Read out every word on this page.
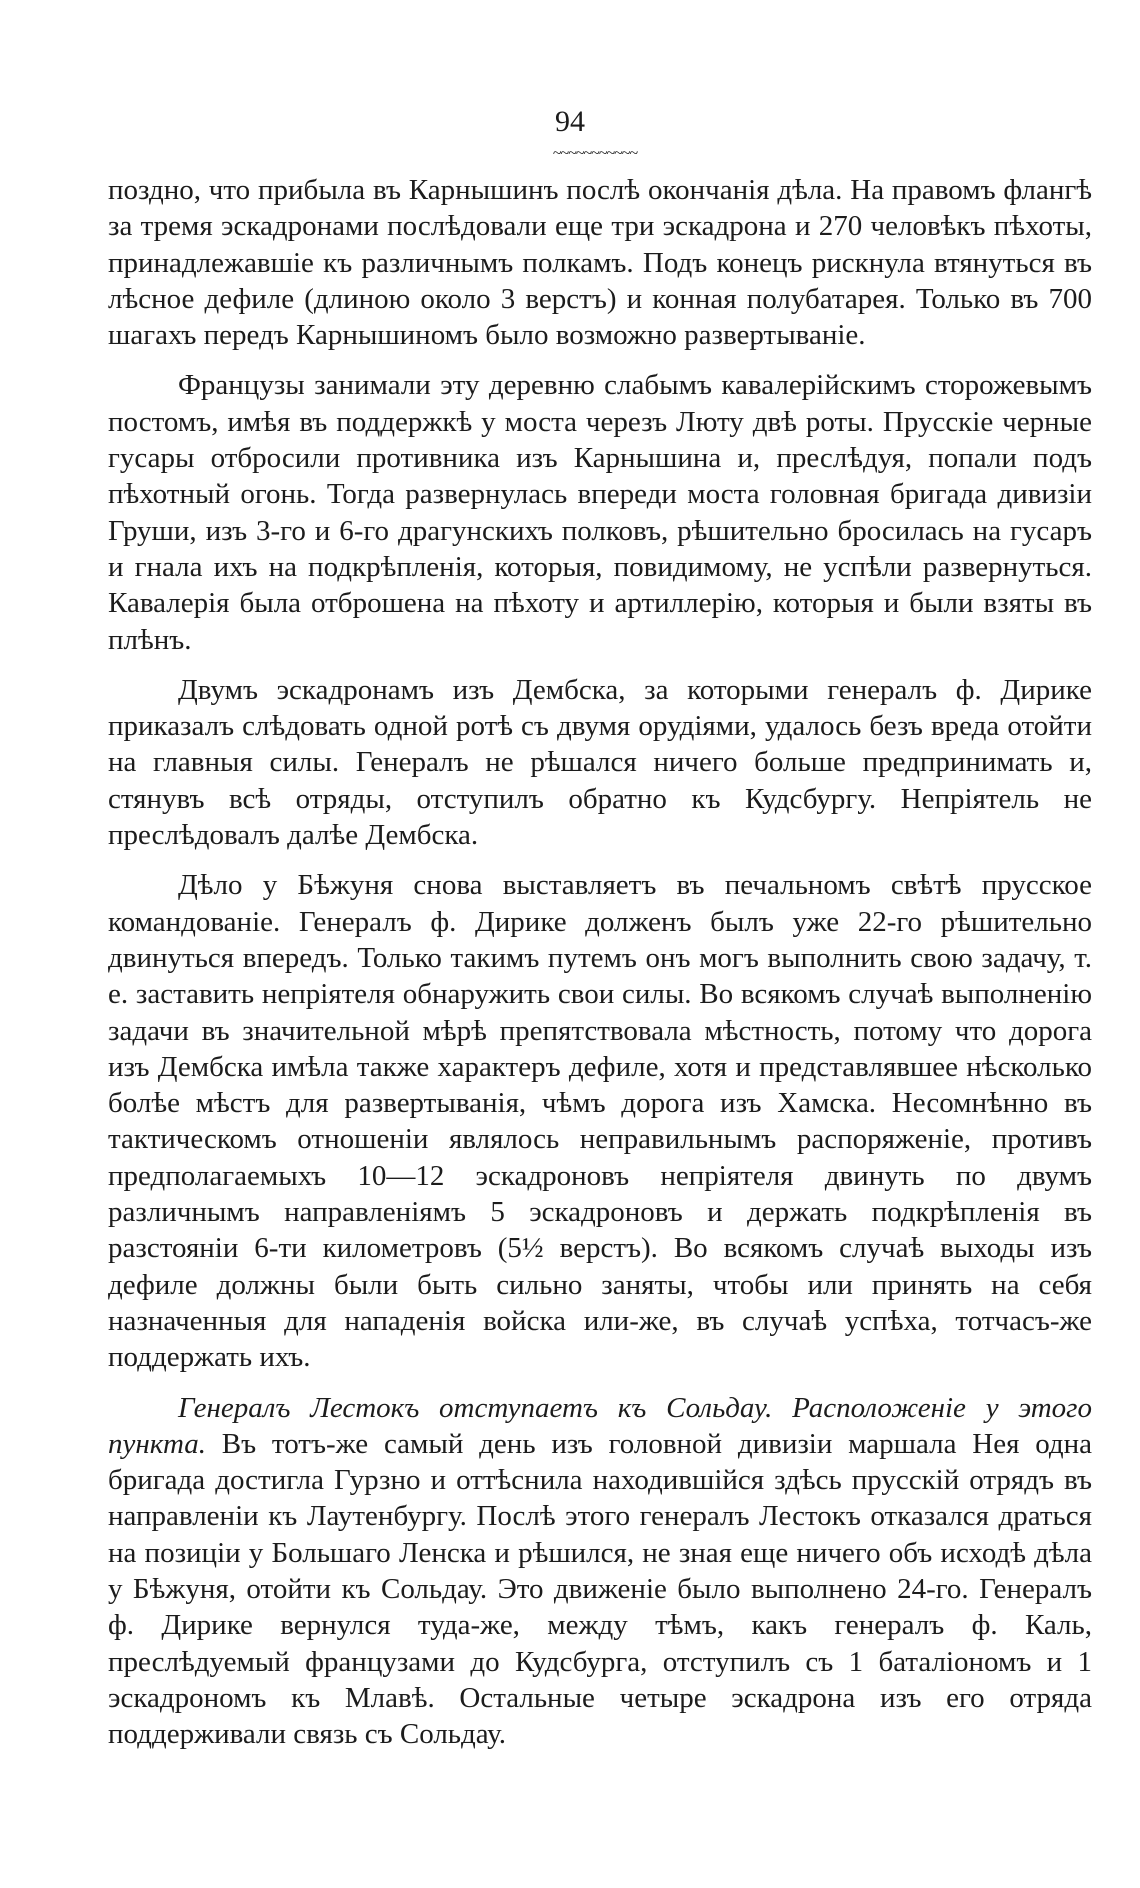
94
~~~~~~~~~~~

поздно, что прибыла въ Карнышинъ послѣ окончанія дѣла. На правомъ флангѣ за тремя эскадронами послѣдовали еще три эскадрона и 270 человѣкъ пѣхоты, принадлежавшіе къ различнымъ полкамъ. Подъ конецъ рискнула втянуться въ лѣсное дефиле (длиною около 3 верстъ) и конная полубатарея. Только въ 700 шагахъ передъ Карнышиномъ было возможно развертываніе.

Французы занимали эту деревню слабымъ кавалерійскимъ сторожевымъ постомъ, имѣя въ поддержкѣ у моста черезъ Люту двѣ роты. Прусскіе черные гусары отбросили противника изъ Карнышина и, преслѣдуя, попали подъ пѣхотный огонь. Тогда развернулась впереди моста головная бригада дивизіи Груши, изъ 3-го и 6-го драгунскихъ полковъ, рѣшительно бросилась на гусаръ и гнала ихъ на подкрѣпленія, которыя, повидимому, не успѣли развернуться. Кавалерія была отброшена на пѣхоту и артиллерію, которыя и были взяты въ плѣнъ.

Двумъ эскадронамъ изъ Дембска, за которыми генералъ ф. Дирике приказалъ слѣдовать одной ротѣ съ двумя орудіями, удалось безъ вреда отойти на главныя силы. Генералъ не рѣшался ничего больше предпринимать и, стянувъ всѣ отряды, отступилъ обратно къ Кудсбургу. Непріятель не преслѣдовалъ далѣе Дембска.

Дѣло у Бѣжуня снова выставляетъ въ печальномъ свѣтѣ прусское командованіе. Генералъ ф. Дирике долженъ былъ уже 22-го рѣшительно двинуться впередъ. Только такимъ путемъ онъ могъ выполнить свою задачу, т. е. заставить непріятеля обнаружить свои силы. Во всякомъ случаѣ выполненію задачи въ значительной мѣрѣ препятствовала мѣстность, потому что дорога изъ Дембска имѣла также характеръ дефиле, хотя и представлявшее нѣсколько болѣе мѣстъ для развертыванія, чѣмъ дорога изъ Хамска. Несомнѣнно въ тактическомъ отношеніи являлось неправильнымъ распоряженіе, противъ предполагаемыхъ 10—12 эскадроновъ непріятеля двинуть по двумъ различнымъ направленіямъ 5 эскадроновъ и держать подкрѣпленія въ разстояніи 6-ти километровъ (5½ верстъ). Во всякомъ случаѣ выходы изъ дефиле должны были быть сильно заняты, чтобы или принять на себя назначенныя для нападенія войска или-же, въ случаѣ успѣха, тотчасъ-же поддержать ихъ.

Генералъ Лестокъ отступаетъ къ Сольдау. Расположеніе у этого пункта. Въ тотъ-же самый день изъ головной дивизіи маршала Нея одна бригада достигла Гурзно и оттѣснила находившійся здѣсь прусскій отрядъ въ направленіи къ Лаутенбургу. Послѣ этого генералъ Лестокъ отказался драться на позиціи у Большаго Ленска и рѣшился, не зная еще ничего объ исходѣ дѣла у Бѣжуня, отойти къ Сольдау. Это движеніе было выполнено 24-го. Генералъ ф. Дирике вернулся туда-же, между тѣмъ, какъ генералъ ф. Каль, преслѣдуемый французами до Кудсбурга, отступилъ съ 1 баталіономъ и 1 эскадрономъ къ Млавѣ. Остальные четыре эскадрона изъ его отряда поддерживали связь съ Сольдау.
